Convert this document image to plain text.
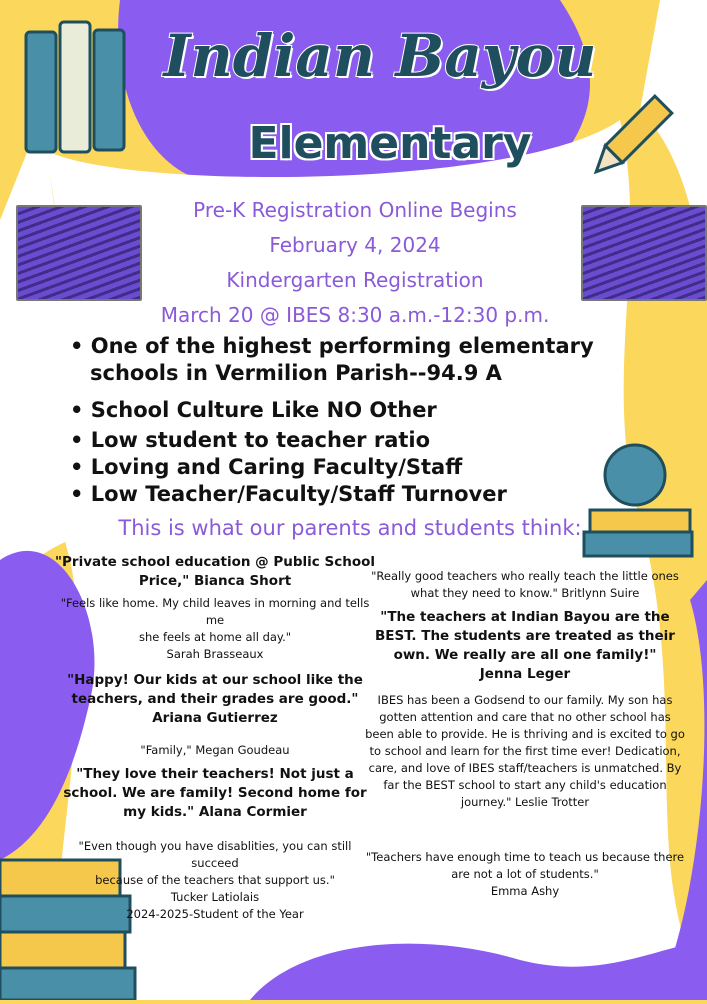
Indian Bayou
Elementary
Pre-K Registration Online Begins
February 4, 2024
Kindergarten Registration
March 20 @ IBES 8:30 a.m.-12:30 p.m.
• One of the highest performing elementary
schools in Vermilion Parish--94.9 A
• School Culture Like NO Other
• Low student to teacher ratio
• Loving and Caring Faculty/Staff
• Low Teacher/Faculty/Staff Turnover
This is what our parents and students think:
"Private school education @ Public School
Price," Bianca Short
"Feels like home. My child leaves in morning and tells me
she feels at home all day."
Sarah Brasseaux
"Happy! Our kids at our school like the
teachers, and their grades are good."
Ariana Gutierrez
"Family," Megan Goudeau
"They love their teachers! Not just a
school. We are family! Second home for
my kids." Alana Cormier
"Even though you have disablities, you can still succeed
because of the teachers that support us."
Tucker Latiolais
2024-2025-Student of the Year
"Really good teachers who really teach the little ones
what they need to know." Britlynn Suire
"The teachers at Indian Bayou are the
BEST. The students are treated as their
own. We really are all one family!"
Jenna Leger
IBES has been a Godsend to our family. My son has
gotten attention and care that no other school has
been able to provide. He is thriving and is excited to go
to school and learn for the first time ever! Dedication,
care, and love of IBES staff/teachers is unmatched. By
far the BEST school to start any child's education
journey." Leslie Trotter
"Teachers have enough time to teach us because there
are not a lot of students."
Emma Ashy
